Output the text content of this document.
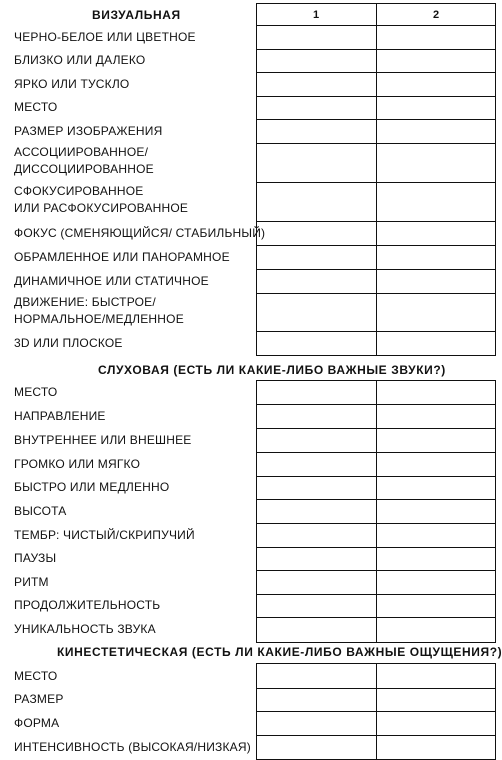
ВИЗУАЛЬНАЯ	1	2
СЛУХОВАЯ (ЕСТЬ ЛИ КАКИЕ-ЛИБО ВАЖНЫЕ ЗВУКИ?)
КИНЕСТЕТИЧЕСКАЯ (ЕСТЬ ЛИ КАКИЕ-ЛИБО ВАЖНЫЕ ОЩУЩЕНИЯ?)
ЧЕРНО-БЕЛОЕ ИЛИ ЦВЕТНОЕ
БЛИЗКО ИЛИ ДАЛЕКО
ЯРКО ИЛИ ТУСКЛО
МЕСТО
РАЗМЕР ИЗОБРАЖЕНИЯ
АССОЦИИРОВАННОЕ/
ДИССОЦИИРОВАННОЕ
СФОКУСИРОВАННОЕ
ИЛИ РАСФОКУСИРОВАННОЕ
ФОКУС (СМЕНЯЮЩИЙСЯ/ СТАБИЛЬНЫЙ)
ОБРАМЛЕННОЕ ИЛИ ПАНОРАМНОЕ
ДИНАМИЧНОЕ ИЛИ СТАТИЧНОЕ
ДВИЖЕНИЕ: БЫСТРОЕ/
НОРМАЛЬНОЕ/МЕДЛЕННОЕ
3D ИЛИ ПЛОСКОЕ
МЕСТО
НАПРАВЛЕНИЕ
ВНУТРЕННЕЕ ИЛИ ВНЕШНЕЕ
ГРОМКО ИЛИ МЯГКО
БЫСТРО ИЛИ МЕДЛЕННО
ВЫСОТА
ТЕМБР: ЧИСТЫЙ/СКРИПУЧИЙ
ПАУЗЫ
РИТМ
ПРОДОЛЖИТЕЛЬНОСТЬ
УНИКАЛЬНОСТЬ ЗВУКА
МЕСТО
РАЗМЕР
ФОРМА
ИНТЕНСИВНОСТЬ (ВЫСОКАЯ/НИЗКАЯ)
